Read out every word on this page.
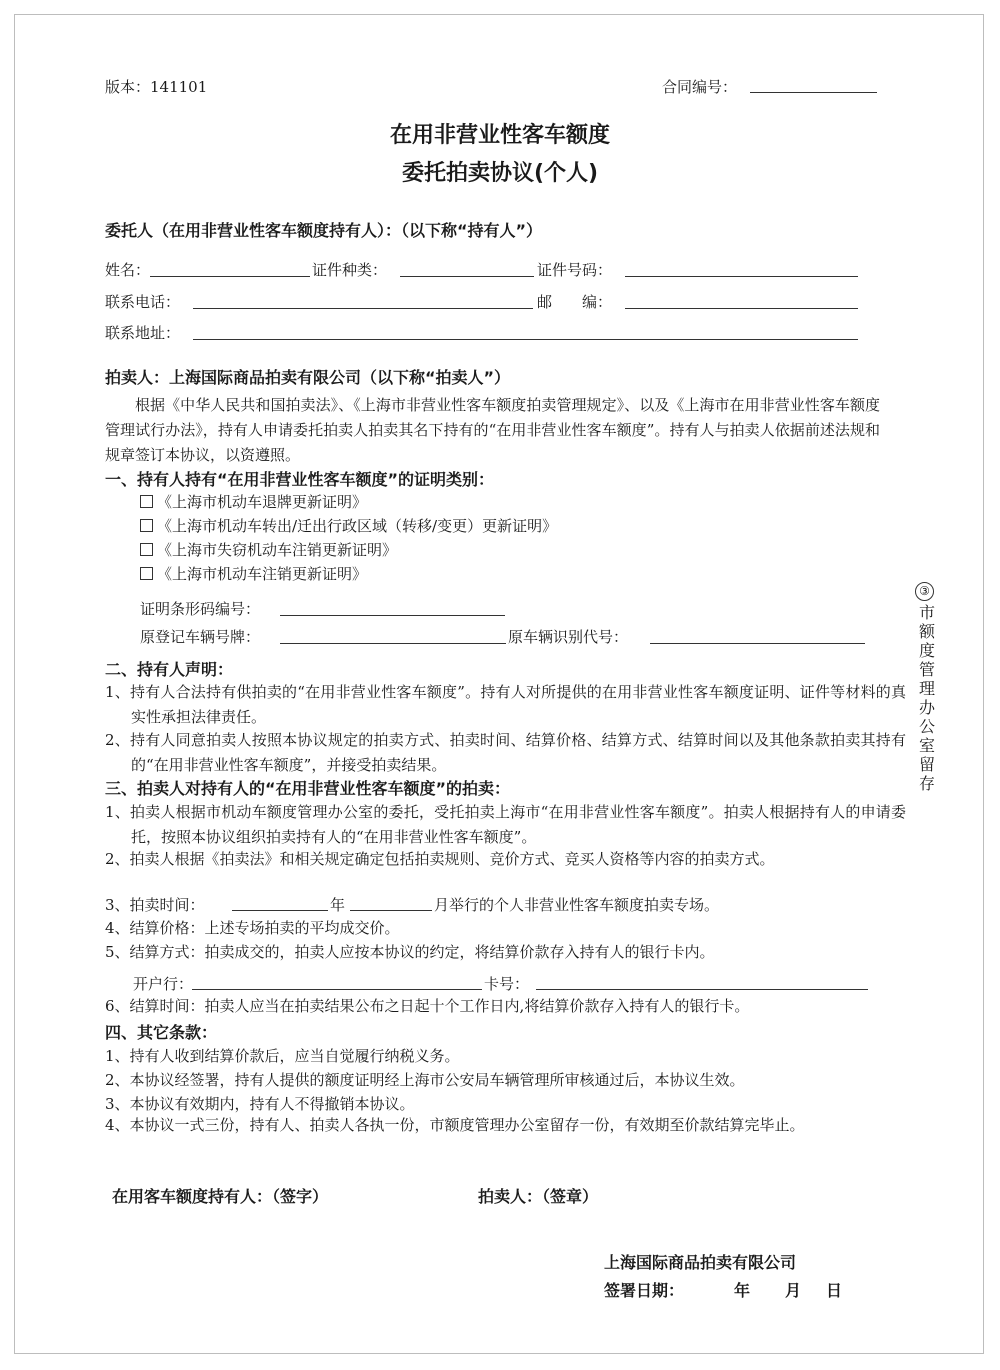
版本：141101	合同编号：
在用非营业性客车额度
委托拍卖协议(个人)
委托人（在用非营业性客车额度持有人）：（以下称“持有人”）
姓名：	证件种类：	证件号码：
联系电话：	邮　　编：
联系地址：
拍卖人：上海国际商品拍卖有限公司（以下称“拍卖人”）
根据《中华人民共和国拍卖法》、《上海市非营业性客车额度拍卖管理规定》、以及《上海市在用非营业性客车额度管理试行办法》，持有人申请委托拍卖人拍卖其名下持有的“在用非营业性客车额度”。持有人与拍卖人依据前述法规和规章签订本协议，以资遵照。
一、持有人持有“在用非营业性客车额度”的证明类别：
《上海市机动车退牌更新证明》
《上海市机动车转出/迁出行政区域（转移/变更）更新证明》
《上海市失窃机动车注销更新证明》
《上海市机动车注销更新证明》
证明条形码编号：
原登记车辆号牌：	原车辆识别代号：
二、持有人声明：
1、持有人合法持有供拍卖的“在用非营业性客车额度”。持有人对所提供的在用非营业性客车额度证明、证件等材料的真实性承担法律责任。
2、持有人同意拍卖人按照本协议规定的拍卖方式、拍卖时间、结算价格、结算方式、结算时间以及其他条款拍卖其持有的“在用非营业性客车额度”，并接受拍卖结果。
三、拍卖人对持有人的“在用非营业性客车额度”的拍卖：
1、拍卖人根据市机动车额度管理办公室的委托，受托拍卖上海市“在用非营业性客车额度”。拍卖人根据持有人的申请委托，按照本协议组织拍卖持有人的“在用非营业性客车额度”。
2、拍卖人根据《拍卖法》和相关规定确定包括拍卖规则、竞价方式、竞买人资格等内容的拍卖方式。
3、拍卖时间：	年	月举行的个人非营业性客车额度拍卖专场。
4、结算价格：上述专场拍卖的平均成交价。
5、结算方式：拍卖成交的，拍卖人应按本协议的约定，将结算价款存入持有人的银行卡内。
开户行：	卡号：
6、结算时间：拍卖人应当在拍卖结果公布之日起十个工作日内,将结算价款存入持有人的银行卡。
四、其它条款：
1、持有人收到结算价款后，应当自觉履行纳税义务。
2、本协议经签署，持有人提供的额度证明经上海市公安局车辆管理所审核通过后，本协议生效。
3、本协议有效期内，持有人不得撤销本协议。
4、本协议一式三份，持有人、拍卖人各执一份，市额度管理办公室留存一份，有效期至价款结算完毕止。
在用客车额度持有人：（签字）	拍卖人：（签章）
上海国际商品拍卖有限公司
签署日期：	年 月 日
③
市
额
度
管
理
办
公
室
留
存
